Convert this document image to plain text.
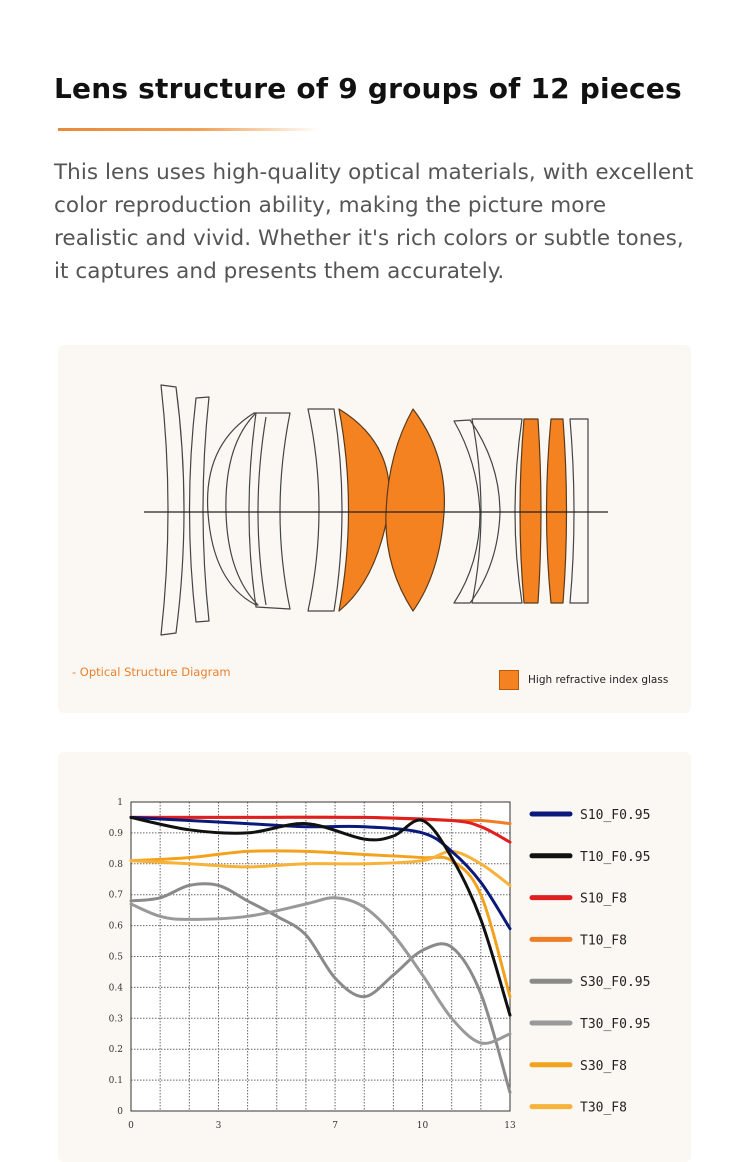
Lens structure of 9 groups of 12 pieces
This lens uses high-quality optical materials, with excellent color reproduction ability, making the picture more realistic and vivid. Whether it's rich colors or subtle tones, it captures and presents them accurately.
- Optical Structure Diagram
High refractive index glass
0
0.1
0.2
0.3
0.4
0.5
0.6
0.7
0.8
0.9
1
0	3	7	10	13
S10_F0.95
T10_F0.95
S10_F8
T10_F8
S30_F0.95
T30_F0.95
S30_F8
T30_F8
